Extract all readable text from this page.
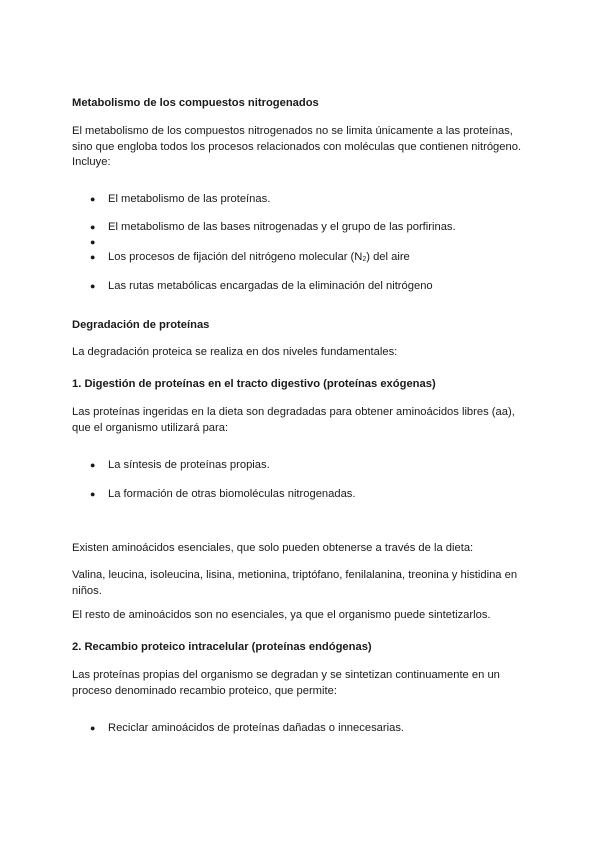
Metabolismo de los compuestos nitrogenados

El metabolismo de los compuestos nitrogenados no se limita únicamente a las proteínas, sino que engloba todos los procesos relacionados con moléculas que contienen nitrógeno. Incluye:

● El metabolismo de las proteínas.
● El metabolismo de las bases nitrogenadas y el grupo de las porfirinas.
●
● Los procesos de fijación del nitrógeno molecular $(N_2)$ del aire
● Las rutas metabólicas encargadas de la eliminación del nitrógeno
Degradación de proteínas

La degradación proteica se realiza en dos niveles fundamentales:

1. Digestión de proteínas en el tracto digestivo (proteínas exógenas)

Las proteínas ingeridas en la dieta son degradadas para obtener aminoácidos libres (aa), que el organismo utilizará para:

● La síntesis de proteínas propias.
● La formación de otras biomoléculas nitrogenadas.

Existen aminoácidos esenciales, que solo pueden obtenerse a través de la dieta:

Valina, leucina, isoleucina, lisina, metionina, triptófano, fenilalanina, treonina y histidina en niños.

El resto de aminoácidos son no esenciales, ya que el organismo puede sintetizarlos.

2. Recambio proteico intracelular (proteínas endógenas)

Las proteínas propias del organismo se degradan y se sintetizan continuamente en un proceso denominado recambio proteico, que permite:

● Reciclar aminoácidos de proteínas dañadas o innecesarias.
